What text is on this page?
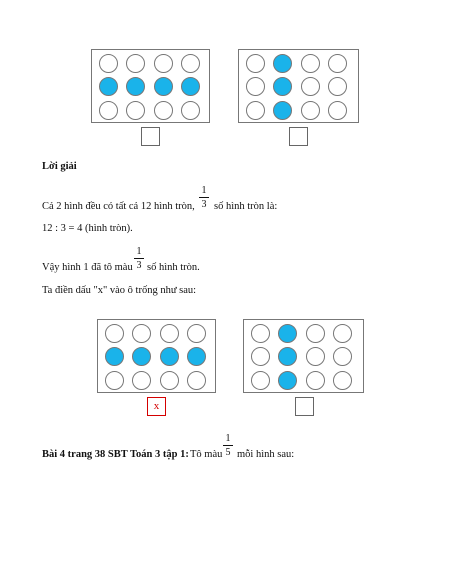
Lời giải
Cả 2 hình đều có tất cả 12 hình tròn,
1
3 số hình tròn là:
12 : 3 = 4 (hình tròn).
Vậy hình 1 đã tô màu
1
3 số hình tròn.
Ta điền dấu "x" vào ô trống như sau:
x
Bài 4 trang 38 SBT Toán 3 tập 1: Tô màu
1
5 mỗi hình sau:
